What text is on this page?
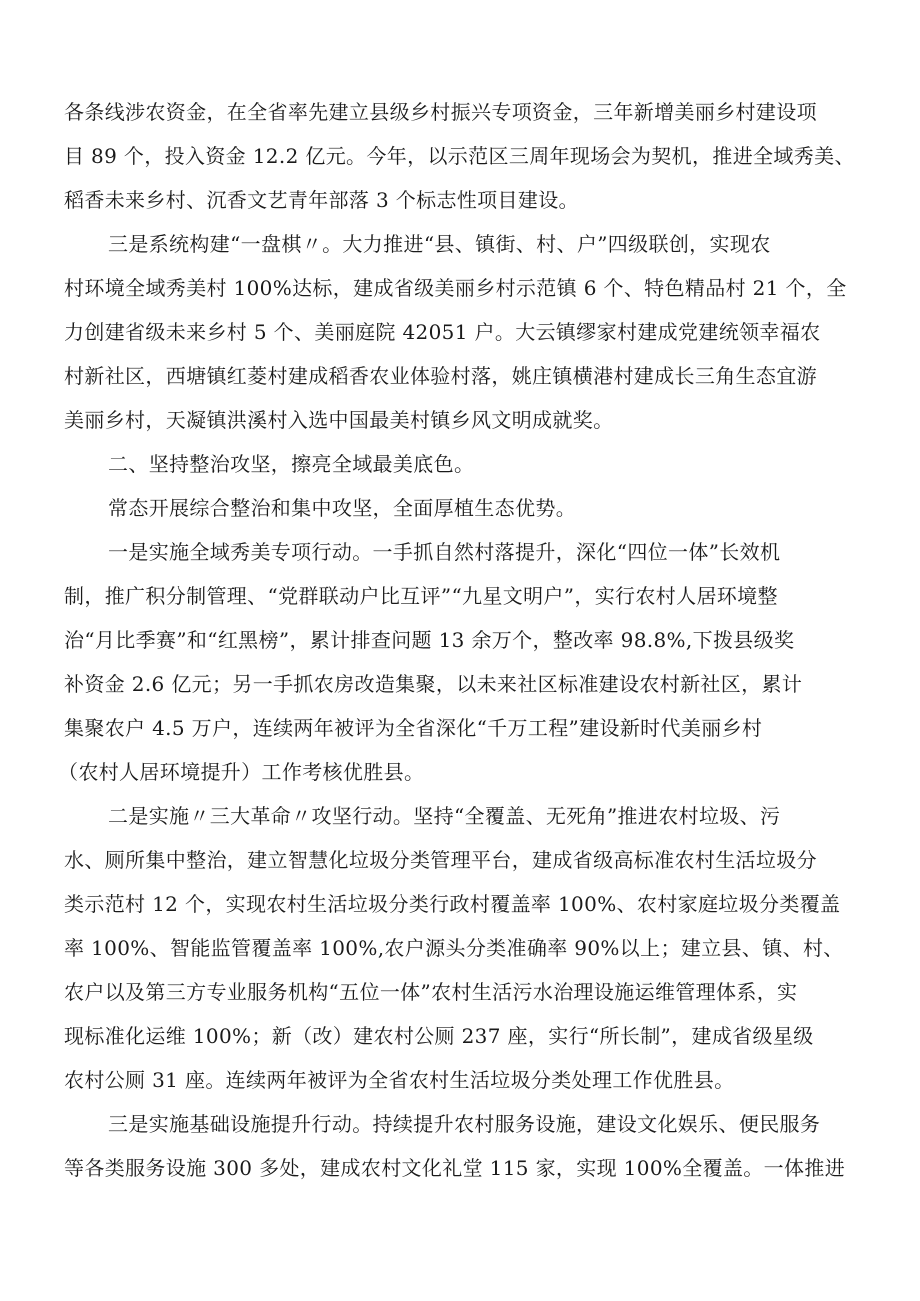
各条线涉农资金，在全省率先建立县级乡村振兴专项资金，三年新增美丽乡村建设项
目 89 个，投入资金 12.2 亿元。今年，以示范区三周年现场会为契机，推进全域秀美、
稻香未来乡村、沉香文艺青年部落 3 个标志性项目建设。
三是系统构建“一盘棋〃。大力推进“县、镇街、村、户”四级联创，实现农
村环境全域秀美村 100%达标，建成省级美丽乡村示范镇 6 个、特色精品村 21 个，全
力创建省级未来乡村 5 个、美丽庭院 42051 户。大云镇缪家村建成党建统领幸福农
村新社区，西塘镇红菱村建成稻香农业体验村落，姚庄镇横港村建成长三角生态宜游
美丽乡村，天凝镇洪溪村入选中国最美村镇乡风文明成就奖。
二、坚持整治攻坚，擦亮全域最美底色。
常态开展综合整治和集中攻坚，全面厚植生态优势。
一是实施全域秀美专项行动。一手抓自然村落提升，深化“四位一体”长效机
制，推广积分制管理、“党群联动户比互评”“九星文明户”，实行农村人居环境整
治“月比季赛”和“红黑榜”，累计排查问题 13 余万个，整改率 98.8%,下拨县级奖
补资金 2.6 亿元；另一手抓农房改造集聚，以未来社区标准建设农村新社区，累计
集聚农户 4.5 万户，连续两年被评为全省深化“千万工程”建设新时代美丽乡村
（农村人居环境提升）工作考核优胜县。
二是实施〃三大革命〃攻坚行动。坚持“全覆盖、无死角”推进农村垃圾、污
水、厕所集中整治，建立智慧化垃圾分类管理平台，建成省级高标准农村生活垃圾分
类示范村 12 个，实现农村生活垃圾分类行政村覆盖率 100%、农村家庭垃圾分类覆盖
率 100%、智能监管覆盖率 100%,农户源头分类准确率 90%以上；建立县、镇、村、
农户以及第三方专业服务机构“五位一体”农村生活污水治理设施运维管理体系，实
现标准化运维 100%；新（改）建农村公厕 237 座，实行“所长制”，建成省级星级
农村公厕 31 座。连续两年被评为全省农村生活垃圾分类处理工作优胜县。
三是实施基础设施提升行动。持续提升农村服务设施，建设文化娱乐、便民服务
等各类服务设施 300 多处，建成农村文化礼堂 115 家，实现 100%全覆盖。一体推进
